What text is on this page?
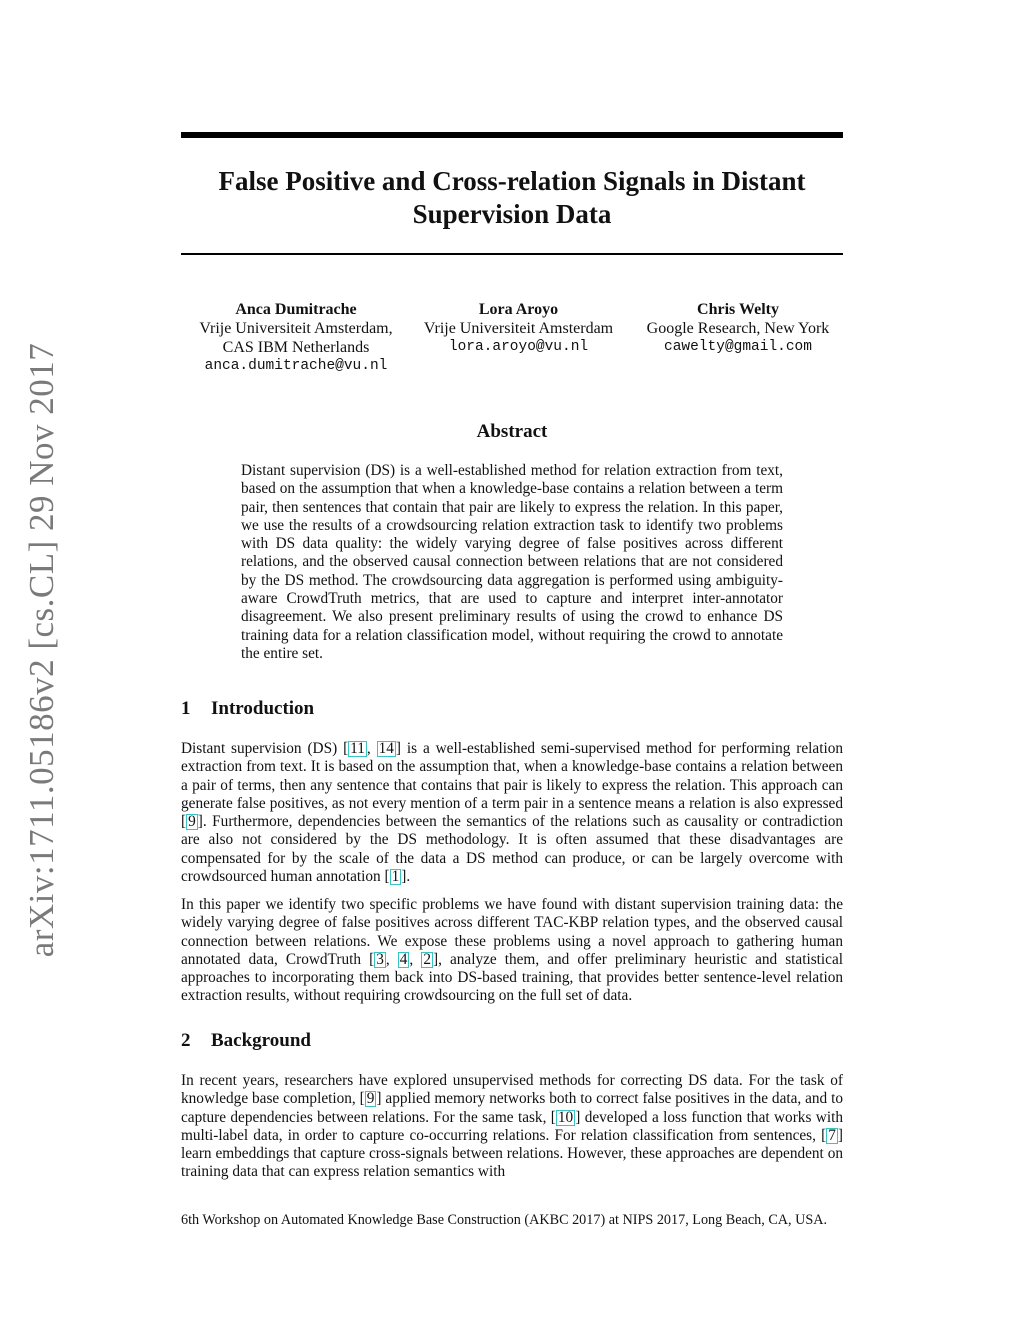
arXiv:1711.05186v2 [cs.CL] 29 Nov 2017
False Positive and Cross-relation Signals in Distant
Supervision Data
Anca Dumitrache
Vrije Universiteit Amsterdam,
CAS IBM Netherlands
anca.dumitrache@vu.nl
Lora Aroyo
Vrije Universiteit Amsterdam
lora.aroyo@vu.nl
Chris Welty
Google Research, New York
cawelty@gmail.com
Abstract

Distant supervision (DS) is a well-established method for relation extraction from text, based on the assumption that when a knowledge-base contains a relation between a term pair, then sentences that contain that pair are likely to express the relation. In this paper, we use the results of a crowdsourcing relation extraction task to identify two problems with DS data quality: the widely varying degree of false positives across different relations, and the observed causal connection between relations that are not considered by the DS method. The crowdsourcing data aggregation is performed using ambiguity-aware CrowdTruth metrics, that are used to capture and interpret inter-annotator disagreement. We also present preliminary results of using the crowd to enhance DS training data for a relation classification model, without requiring the crowd to annotate the entire set.

1 Introduction

Distant supervision (DS) [ 11 , 14 ] is a well-established semi-supervised method for performing relation extraction from text. It is based on the assumption that, when a knowledge-base contains a relation between a pair of terms, then any sentence that contains that pair is likely to express the relation. This approach can generate false positives, as not every mention of a term pair in a sentence means a relation is also expressed [ 9 ]. Furthermore, dependencies between the semantics of the relations such as causality or contradiction are also not considered by the DS methodology. It is often assumed that these disadvantages are compensated for by the scale of the data a DS method can produce, or can be largely overcome with crowdsourced human annotation [ 1 ].

In this paper we identify two specific problems we have found with distant supervision training data: the widely varying degree of false positives across different TAC-KBP relation types, and the observed causal connection between relations. We expose these problems using a novel approach to gathering human annotated data, CrowdTruth [ 3 , 4 , 2 ], analyze them, and offer preliminary heuristic and statistical approaches to incorporating them back into DS-based training, that provides better sentence-level relation extraction results, without requiring crowdsourcing on the full set of data.

2 Background

In recent years, researchers have explored unsupervised methods for correcting DS data. For the task of knowledge base completion, [ 9 ] applied memory networks both to correct false positives in the data, and to capture dependencies between relations. For the same task, [ 10 ] developed a loss function that works with multi-label data, in order to capture co-occurring relations. For relation classification from sentences, [ 7 ] learn embeddings that capture cross-signals between relations. However, these approaches are dependent on training data that can express relation semantics with

6th Workshop on Automated Knowledge Base Construction (AKBC 2017) at NIPS 2017, Long Beach, CA, USA.
